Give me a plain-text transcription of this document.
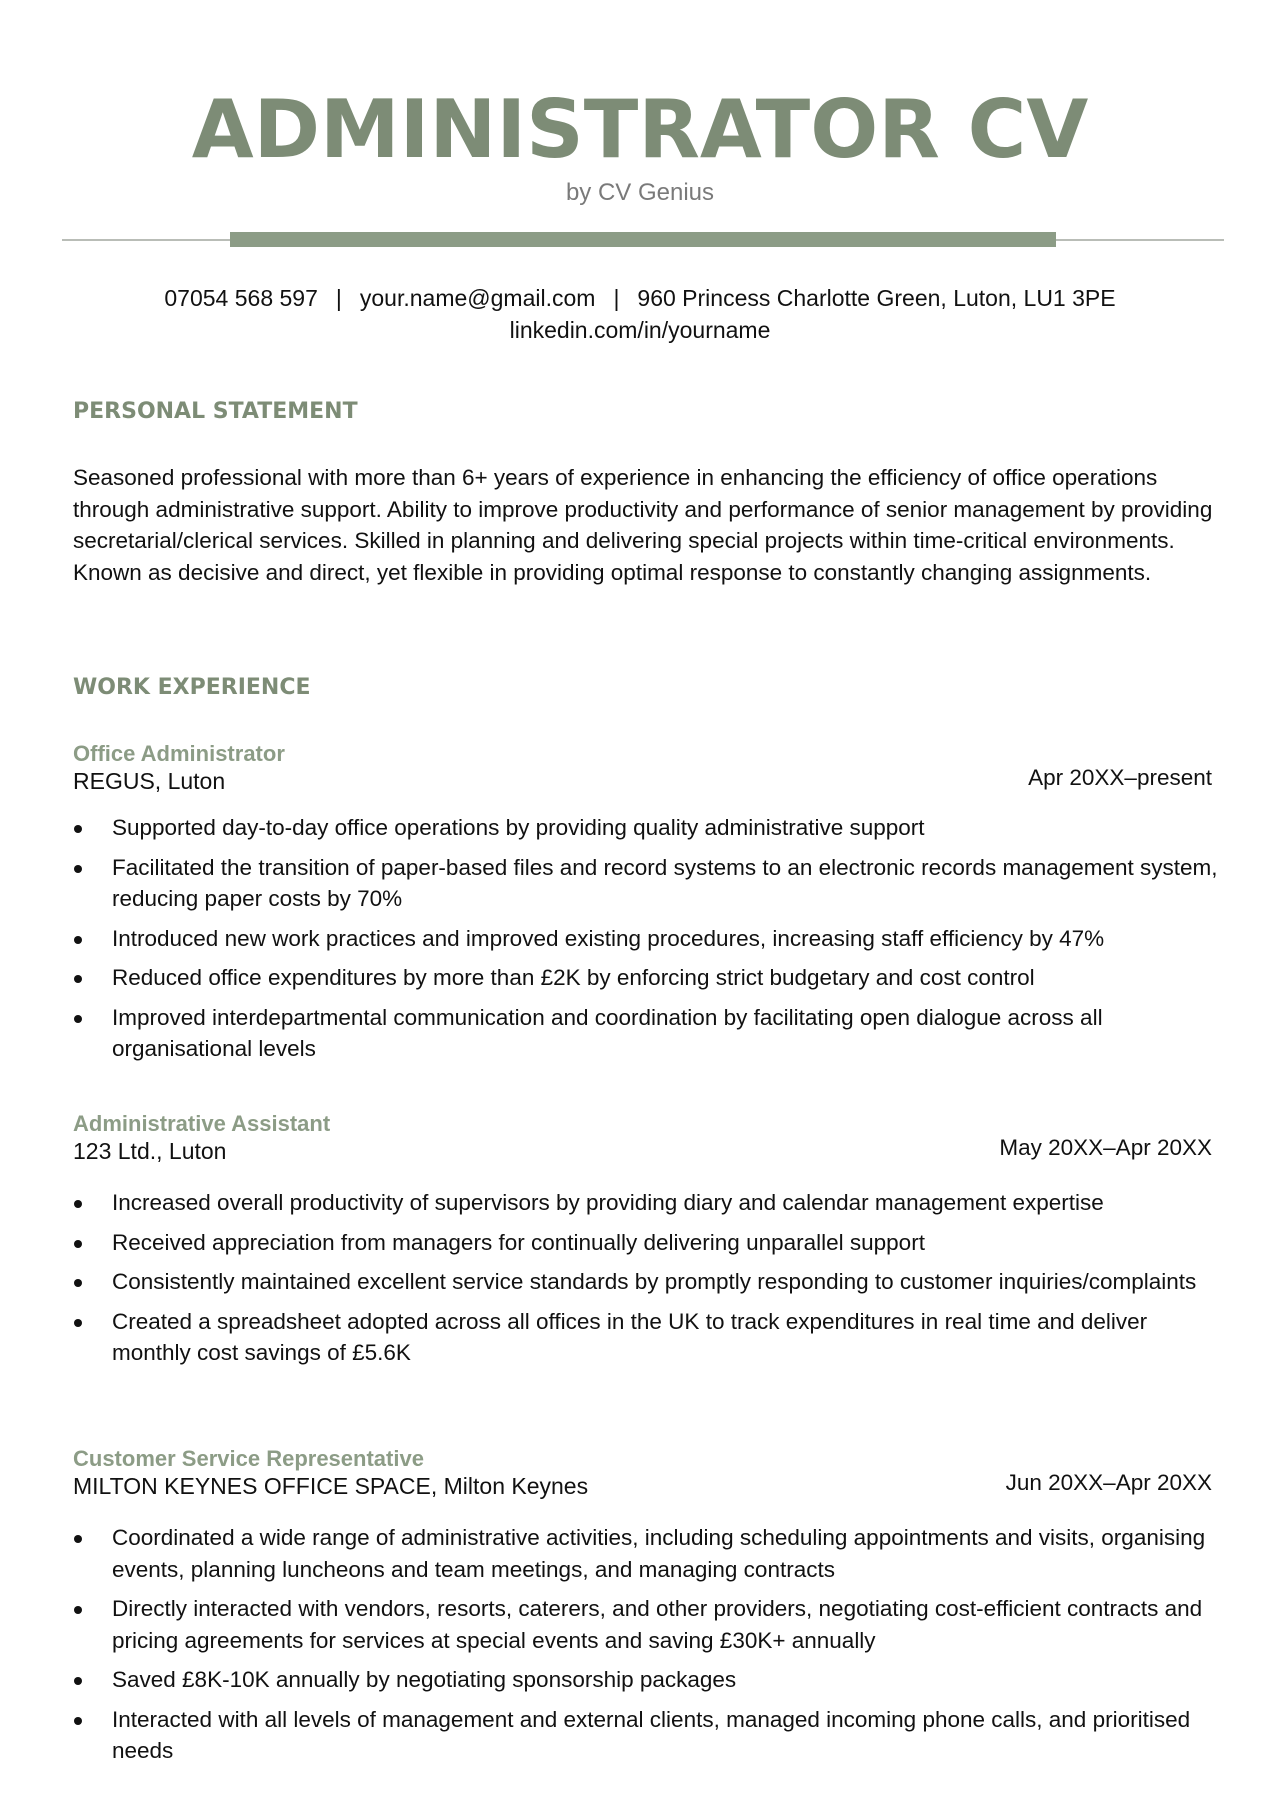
ADMINISTRATOR CV
by CV Genius
07054 568 597 | your.name@gmail.com | 960 Princess Charlotte Green, Luton, LU1 3PE
linkedin.com/in/yourname
PERSONAL STATEMENT
Seasoned professional with more than 6+ years of experience in enhancing the efficiency of office operations through administrative support. Ability to improve productivity and performance of senior management by providing secretarial/clerical services. Skilled in planning and delivering special projects within time-critical environments. Known as decisive and direct, yet flexible in providing optimal response to constantly changing assignments.
WORK EXPERIENCE
Office Administrator
REGUS, Luton	Apr 20XX–present
Supported day-to-day office operations by providing quality administrative support
Facilitated the transition of paper-based files and record systems to an electronic records management system, reducing paper costs by 70%
Introduced new work practices and improved existing procedures, increasing staff efficiency by 47%
Reduced office expenditures by more than £2K by enforcing strict budgetary and cost control
Improved interdepartmental communication and coordination by facilitating open dialogue across all organisational levels
Administrative Assistant
123 Ltd., Luton	May 20XX–Apr 20XX
Increased overall productivity of supervisors by providing diary and calendar management expertise
Received appreciation from managers for continually delivering unparallel support
Consistently maintained excellent service standards by promptly responding to customer inquiries/complaints
Created a spreadsheet adopted across all offices in the UK to track expenditures in real time and deliver monthly cost savings of £5.6K
Customer Service Representative
MILTON KEYNES OFFICE SPACE, Milton Keynes	Jun 20XX–Apr 20XX
Coordinated a wide range of administrative activities, including scheduling appointments and visits, organising events, planning luncheons and team meetings, and managing contracts
Directly interacted with vendors, resorts, caterers, and other providers, negotiating cost-efficient contracts and pricing agreements for services at special events and saving £30K+ annually
Saved £8K-10K annually by negotiating sponsorship packages
Interacted with all levels of management and external clients, managed incoming phone calls, and prioritised needs
